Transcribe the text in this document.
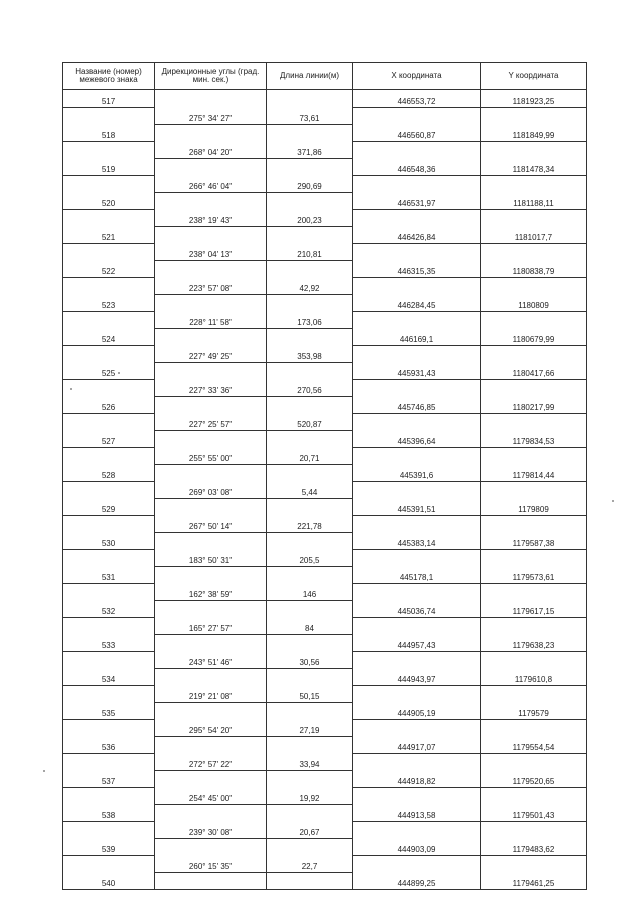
Название (номер) межевого знака	Дирекционные углы (град. мин. сек.)	Длина линии(м)	X координата	Y координата
517			446553,72	1181923,25
	275° 34' 27"	73,61		
518			446560,87	1181849,99
	268° 04' 20"	371,86		
519			446548,36	1181478,34
	266° 46' 04"	290,69		
520			446531,97	1181188,11
	238° 19' 43"	200,23		
521			446426,84	1181017,7
	238° 04' 13"	210,81		
522			446315,35	1180838,79
	223° 57' 08"	42,92		
523			446284,45	1180809
	228° 11' 58"	173,06		
524			446169,1	1180679,99
	227° 49' 25"	353,98		
525			445931,43	1180417,66
	227° 33' 36"	270,56		
526			445746,85	1180217,99
	227° 25' 57"	520,87		
527			445396,64	1179834,53
	255° 55' 00"	20,71		
528			445391,6	1179814,44
	269° 03' 08"	5,44		
529			445391,51	1179809
	267° 50' 14"	221,78		
530			445383,14	1179587,38
	183° 50' 31"	205,5		
531			445178,1	1179573,61
	162° 38' 59"	146		
532			445036,74	1179617,15
	165° 27' 57"	84		
533			444957,43	1179638,23
	243° 51' 46"	30,56		
534			444943,97	1179610,8
	219° 21' 08"	50,15		
535			444905,19	1179579
	295° 54' 20"	27,19		
536			444917,07	1179554,54
	272° 57' 22"	33,94		
537			444918,82	1179520,65
	254° 45' 00"	19,92		
538			444913,58	1179501,43
	239° 30' 08"	20,67		
539			444903,09	1179483,62
	260° 15' 35"	22,7		
540			444899,25	1179461,25
